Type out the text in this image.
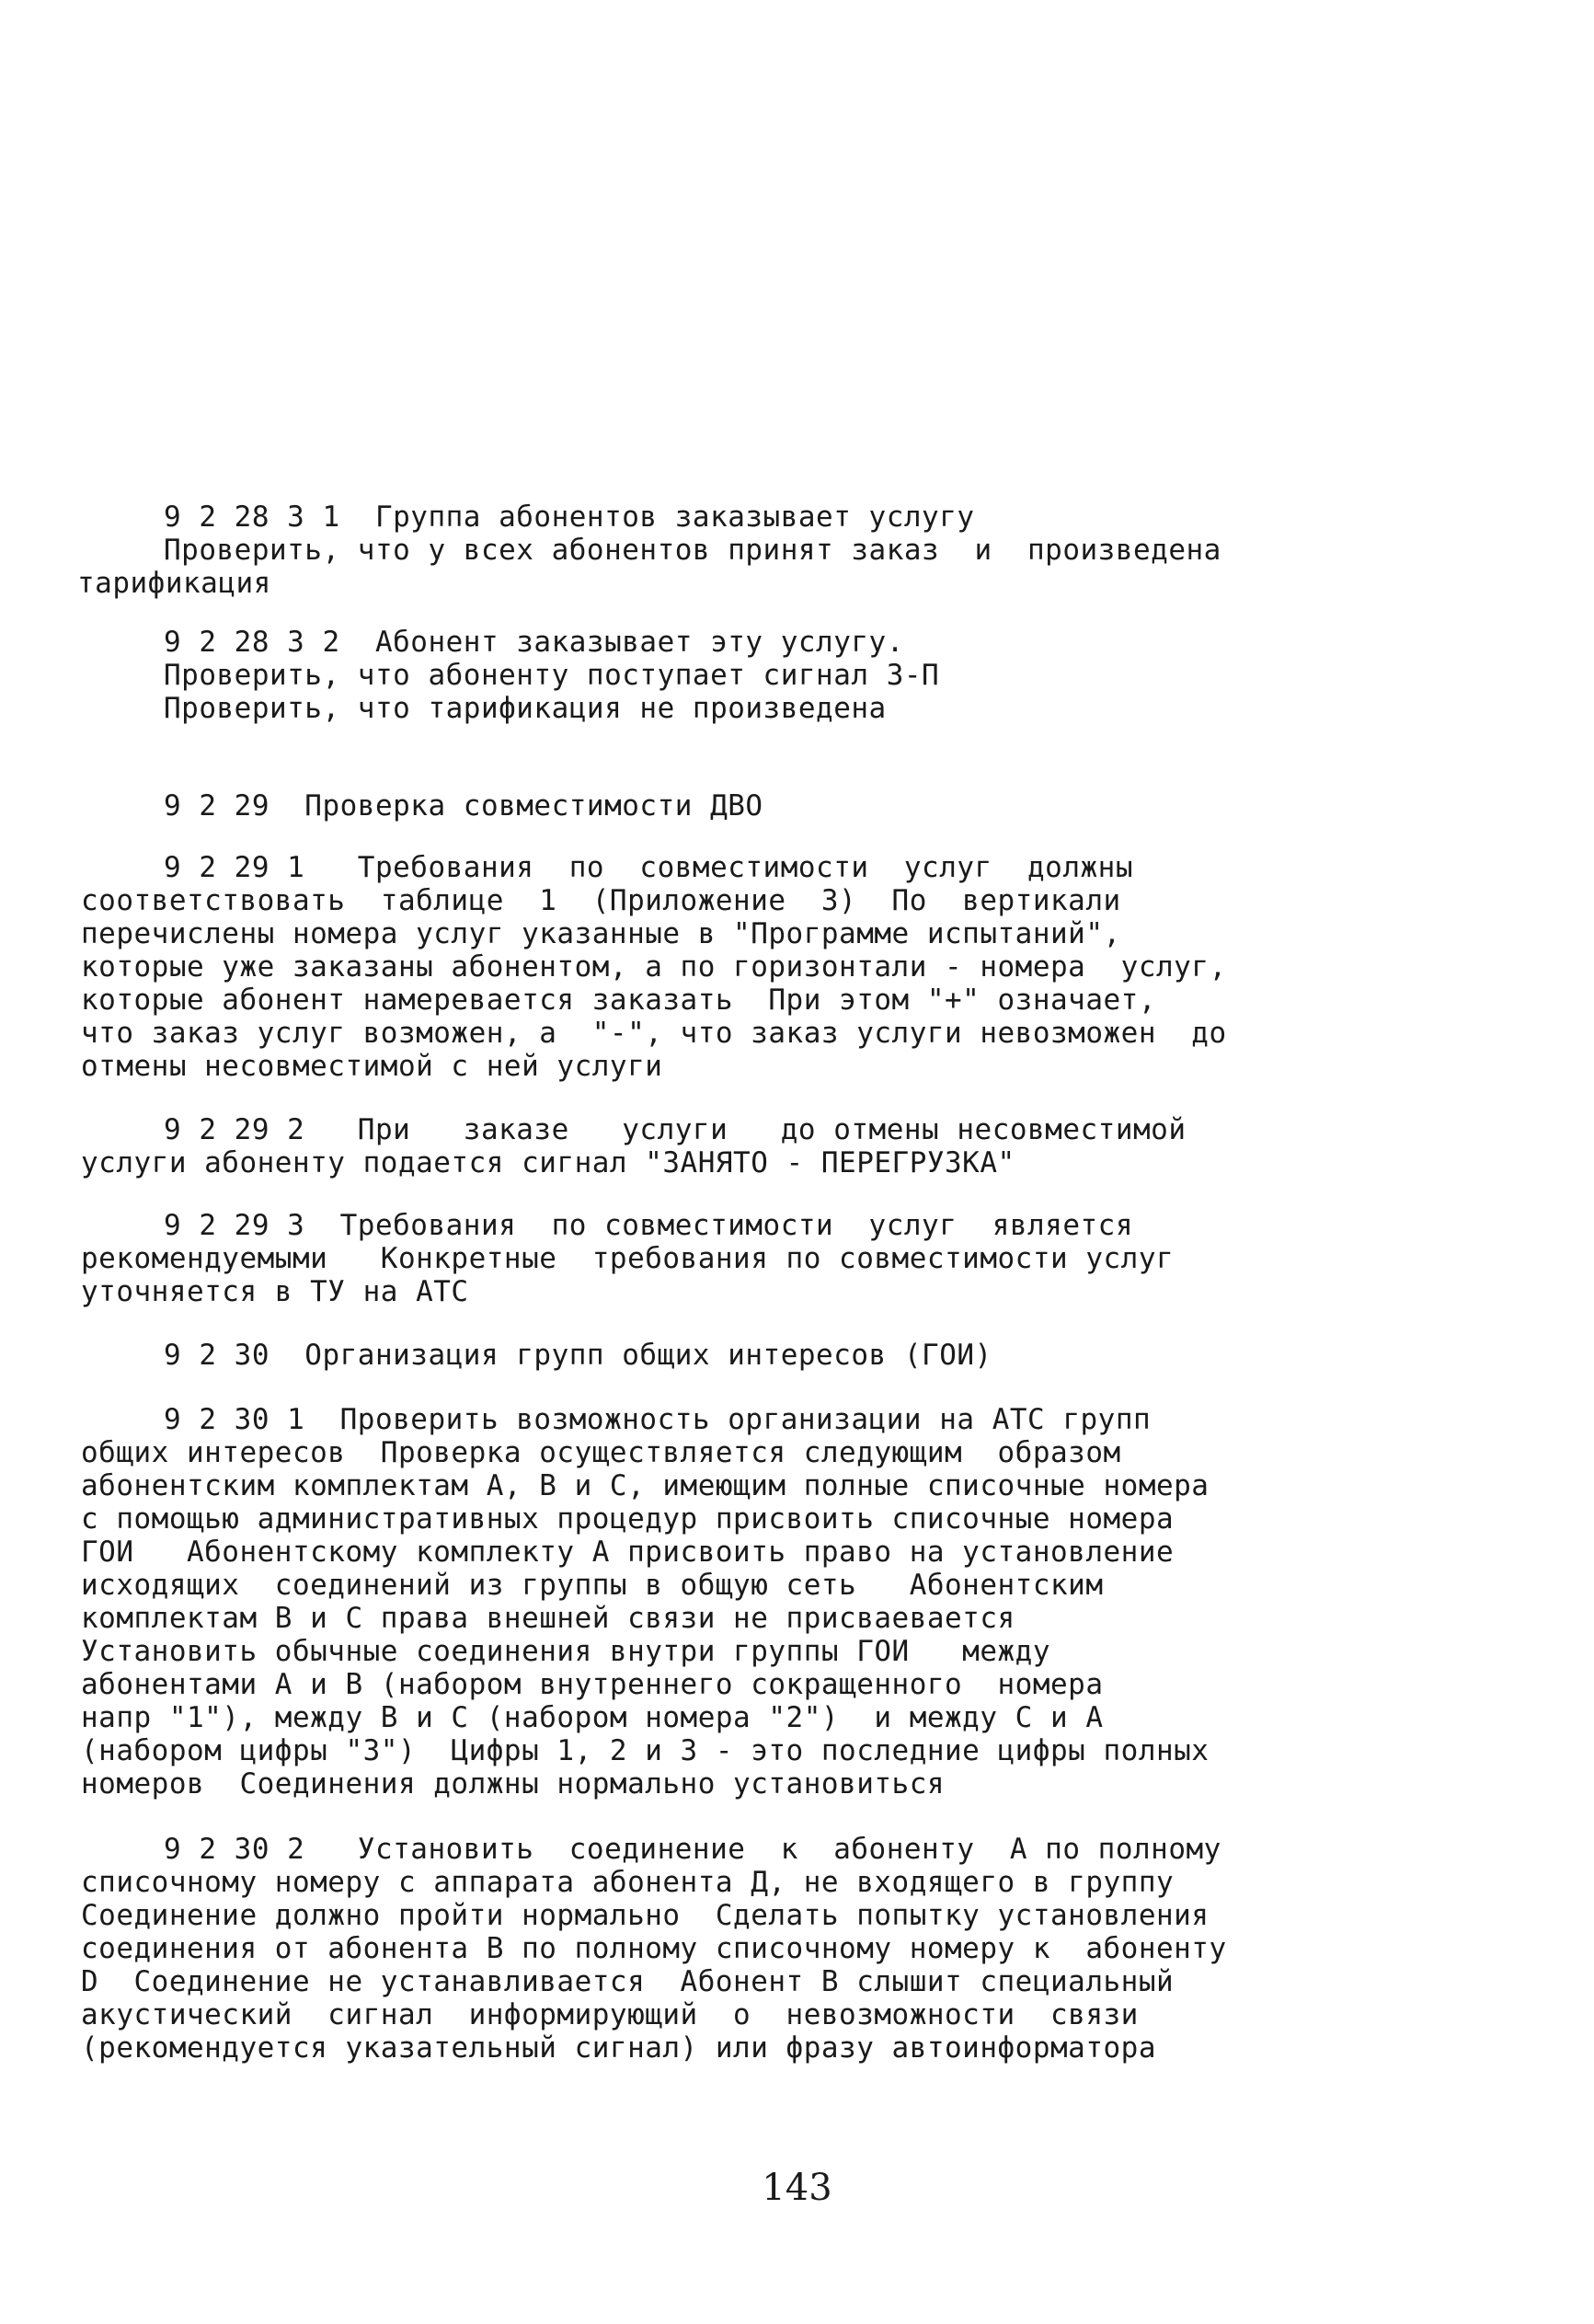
9 2 28 3 1  Группа абонентов заказывает услугу
Проверить, что у всех абонентов принят заказ  и  произведена
тарификация
9 2 28 3 2  Абонент заказывает эту услугу.
Проверить, что абоненту поступает сигнал 3-П
Проверить, что тарификация не произведена
9 2 29  Проверка совместимости ДВО
9 2 29 1   Требования  по  совместимости  услуг  должны
соответствовать  таблице  1  (Приложение  3)  По  вертикали
перечислены номера услуг указанные в "Программе испытаний",
которые уже заказаны абонентом, а по горизонтали - номера  услуг,
которые абонент намеревается заказать  При этом "+" означает,
что заказ услуг возможен, а  "-", что заказ услуги невозможен  до
отмены несовместимой с ней услуги
9 2 29 2   При   заказе   услуги   до отмены несовместимой
услуги абоненту подается сигнал "ЗАНЯТО - ПЕРЕГРУЗКА"
9 2 29 3  Требования  по совместимости  услуг  является
рекомендуемыми   Конкретные  требования по совместимости услуг
уточняется в ТУ на АТС
9 2 30  Организация групп общих интересов (ГОИ)
9 2 30 1  Проверить возможность организации на АТС групп
общих интересов  Проверка осуществляется следующим  образом
абонентским комплектам А, В и С, имеющим полные списочные номера
с помощью административных процедур присвоить списочные номера
ГОИ   Абонентскому комплекту А присвоить право на установление
исходящих  соединений из группы в общую сеть   Абонентским
комплектам В и С права внешней связи не присваевается
Установить обычные соединения внутри группы ГОИ   между
абонентами А и В (набором внутреннего сокращенного  номера
напр "1"), между В и С (набором номера "2")  и между С и А
(набором цифры "3")  Цифры 1, 2 и 3 - это последние цифры полных
номеров  Соединения должны нормально установиться
9 2 30 2   Установить  соединение  к  абоненту  А по полному
списочному номеру с аппарата абонента Д, не входящего в группу
Соединение должно пройти нормально  Сделать попытку установления
соединения от абонента В по полному списочному номеру к  абоненту
D  Соединение не устанавливается  Абонент В слышит специальный
акустический  сигнал  информирующий  о  невозможности  связи
(рекомендуется указательный сигнал) или фразу автоинформатора
143
